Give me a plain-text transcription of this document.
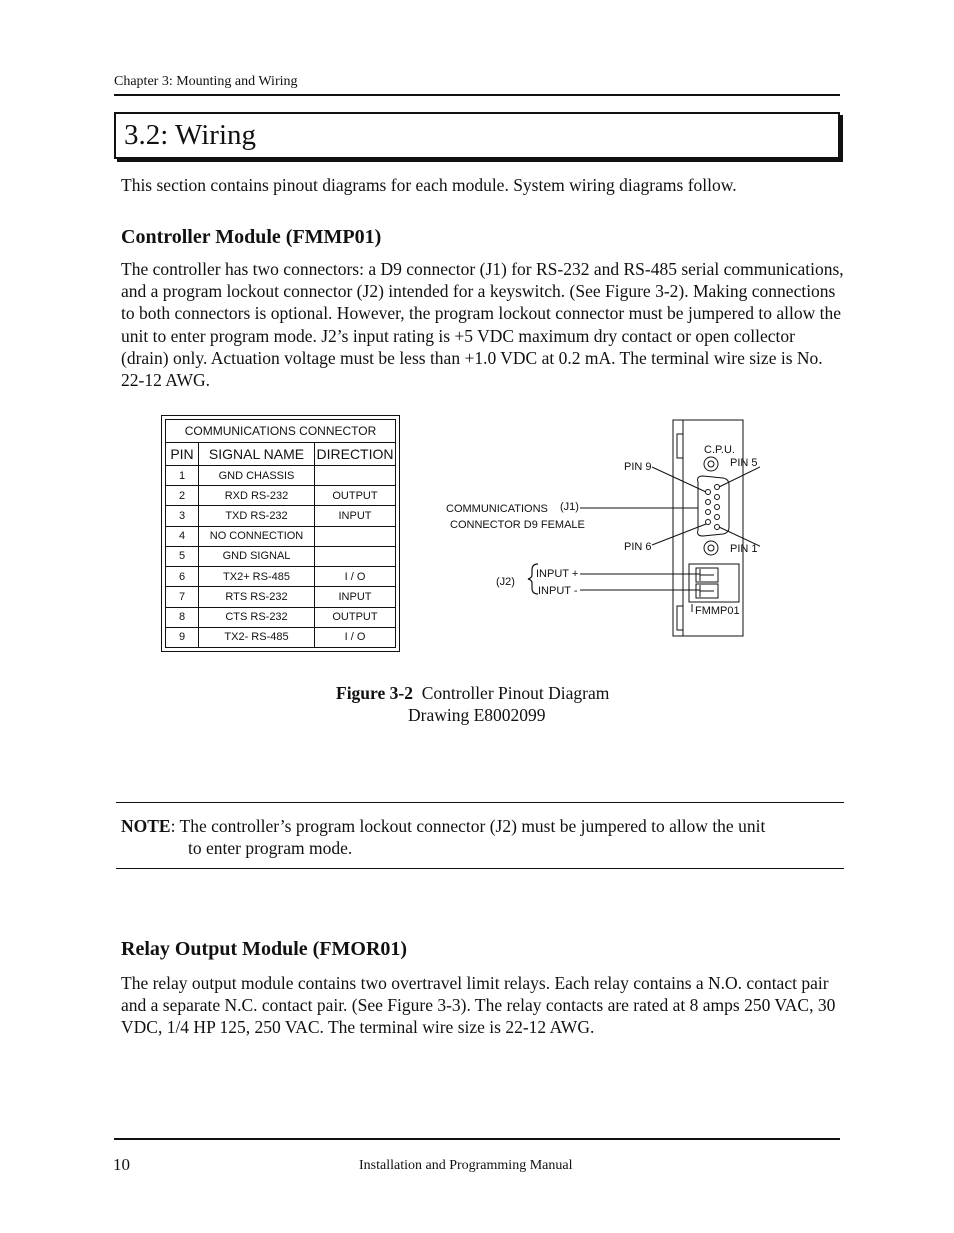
Chapter 3: Mounting and Wiring
3.2: Wiring
This section contains pinout diagrams for each module. System wiring diagrams follow.
Controller Module (FMMP01)
The controller has two connectors: a D9 connector (J1) for RS-232 and RS-485 serial communications, and a program lockout connector (J2) intended for a keyswitch. (See Figure 3-2). Making connections to both connectors is optional. However, the program lockout connector must be jumpered to allow the unit to enter program mode. J2’s input rating is +5 VDC maximum dry contact or open collector (drain) only. Actuation voltage must be less than +1.0 VDC at 0.2 mA. The terminal wire size is No. 22-12 AWG.
COMMUNICATIONS CONNECTOR		
PIN	SIGNAL NAME	DIRECTION
1	GND CHASSIS	
2	RXD RS-232	OUTPUT
3	TXD RS-232	INPUT
4	NO CONNECTION	
5	GND SIGNAL	
6	TX2+ RS-485	I / O
7	RTS RS-232	INPUT
8	CTS RS-232	OUTPUT
9	TX2- RS-485	I / O
C.P.U.
PIN 9	PIN 5
PIN 6	PIN 1
COMMUNICATIONS (J1)
CONNECTOR D9 FEMALE
(J2)
INPUT +
INPUT -
FMMP01
Figure 3-2 Controller Pinout Diagram
Drawing E8002099
NOTE: The controller’s program lockout connector (J2) must be jumpered to allow the unit
to enter program mode.
Relay Output Module (FMOR01)
The relay output module contains two overtravel limit relays. Each relay contains a N.O. contact pair and a separate N.C. contact pair. (See Figure 3-3). The relay contacts are rated at 8 amps 250 VAC, 30 VDC, 1/4 HP 125, 250 VAC. The terminal wire size is 22-12 AWG.
10	Installation and Programming Manual
